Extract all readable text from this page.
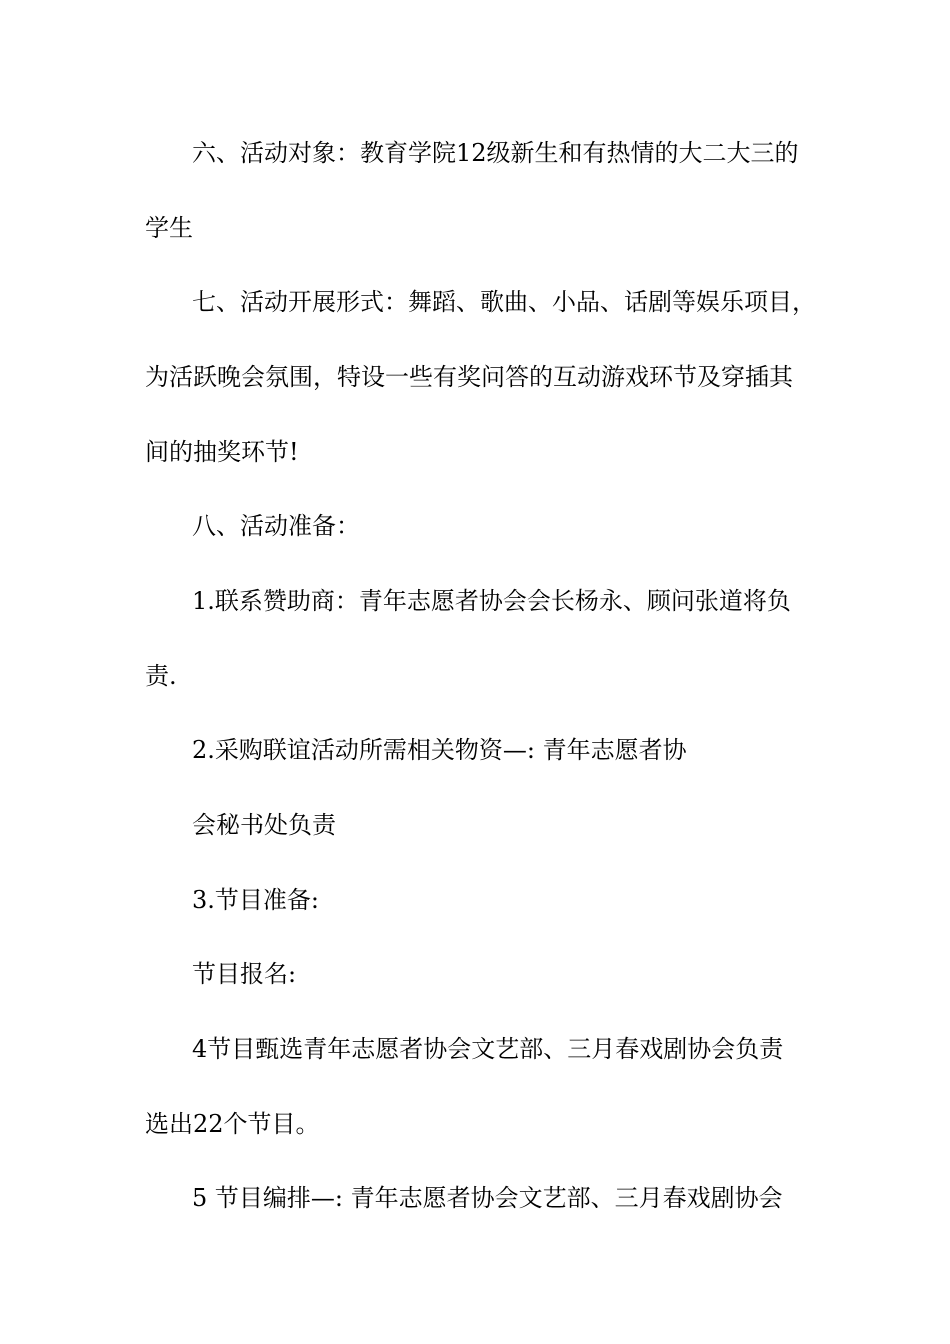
六、活动对象：教育学院12级新生和有热情的大二大三的
学生
七、活动开展形式：舞蹈、歌曲、小品、话剧等娱乐项目，
为活跃晚会氛围，特设一些有奖问答的互动游戏环节及穿插其
间的抽奖环节!
八、活动准备：
1.联系赞助商：青年志愿者协会会长杨永、顾问张道将负
责.
2.采购联谊活动所需相关物资—: 青年志愿者协
会秘书处负责
3.节目准备:
节目报名:
4节目甄选青年志愿者协会文艺部、三月春戏剧协会负责
选出22个节目。
5 节目编排—: 青年志愿者协会文艺部、三月春戏剧协会
